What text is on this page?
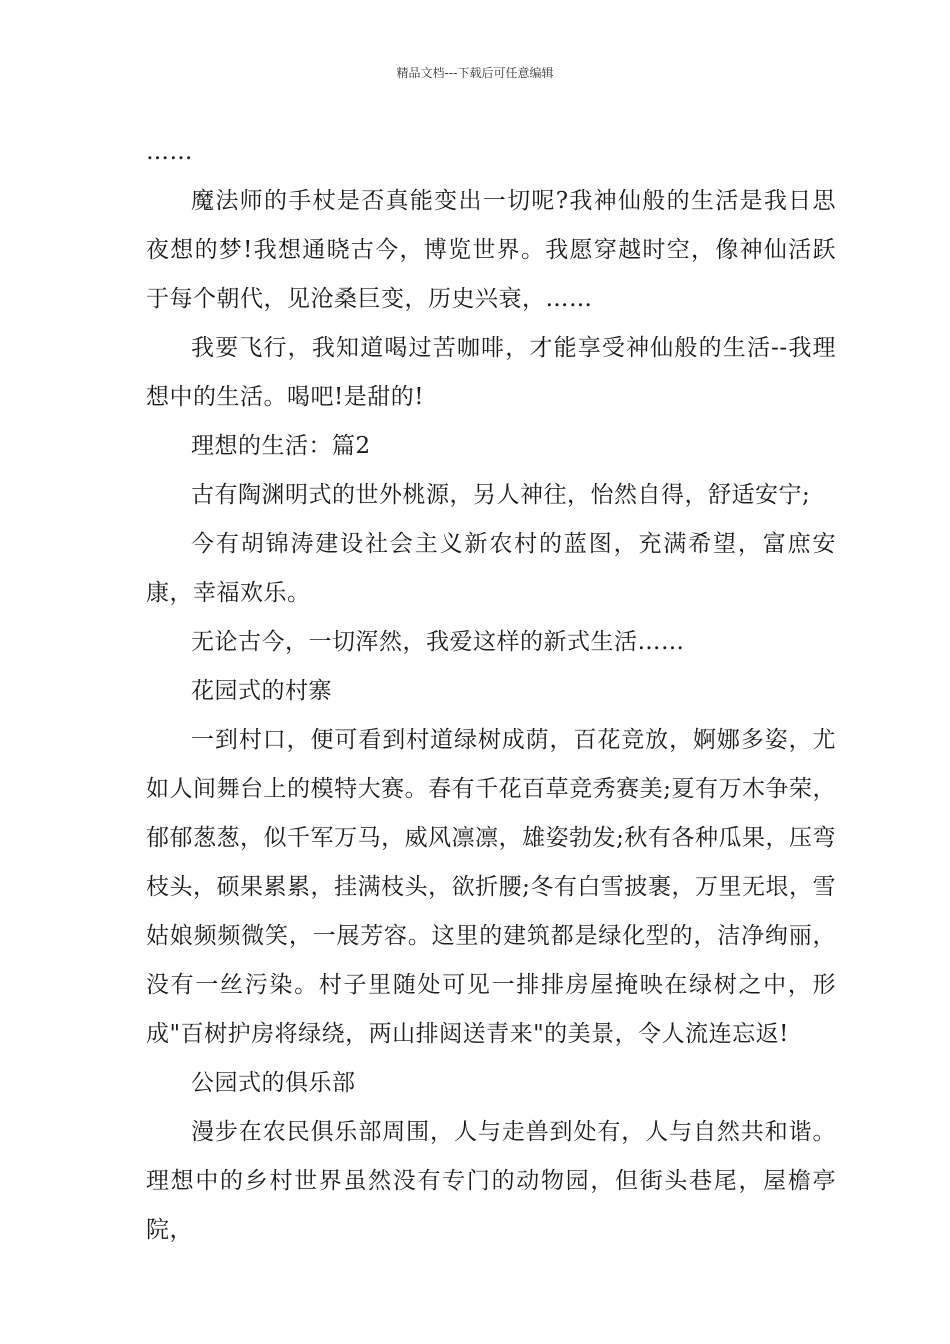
精品文档---下载后可任意编辑

……

魔法师的手杖是否真能变出一切呢?我神仙般的生活是我日思夜想的梦!我想通晓古今，博览世界。我愿穿越时空，像神仙活跃于每个朝代，见沧桑巨变，历史兴衰，……

我要飞行，我知道喝过苦咖啡，才能享受神仙般的生活--我理想中的生活。喝吧!是甜的!

理想的生活：篇2

古有陶渊明式的世外桃源，另人神往，怡然自得，舒适安宁;

今有胡锦涛建设社会主义新农村的蓝图，充满希望，富庶安康，幸福欢乐。

无论古今，一切浑然，我爱这样的新式生活……

花园式的村寨

一到村口，便可看到村道绿树成荫，百花竞放，婀娜多姿，尤如人间舞台上的模特大赛。春有千花百草竞秀赛美;夏有万木争荣，郁郁葱葱，似千军万马，威风凛凛，雄姿勃发;秋有各种瓜果，压弯枝头，硕果累累，挂满枝头，欲折腰;冬有白雪披裹，万里无垠，雪姑娘频频微笑，一展芳容。这里的建筑都是绿化型的，洁净绚丽，没有一丝污染。村子里随处可见一排排房屋掩映在绿树之中，形成"百树护房将绿绕，两山排闼送青来"的美景，令人流连忘返!

公园式的俱乐部

漫步在农民俱乐部周围，人与走兽到处有，人与自然共和谐。理想中的乡村世界虽然没有专门的动物园，但街头巷尾，屋檐亭院，
